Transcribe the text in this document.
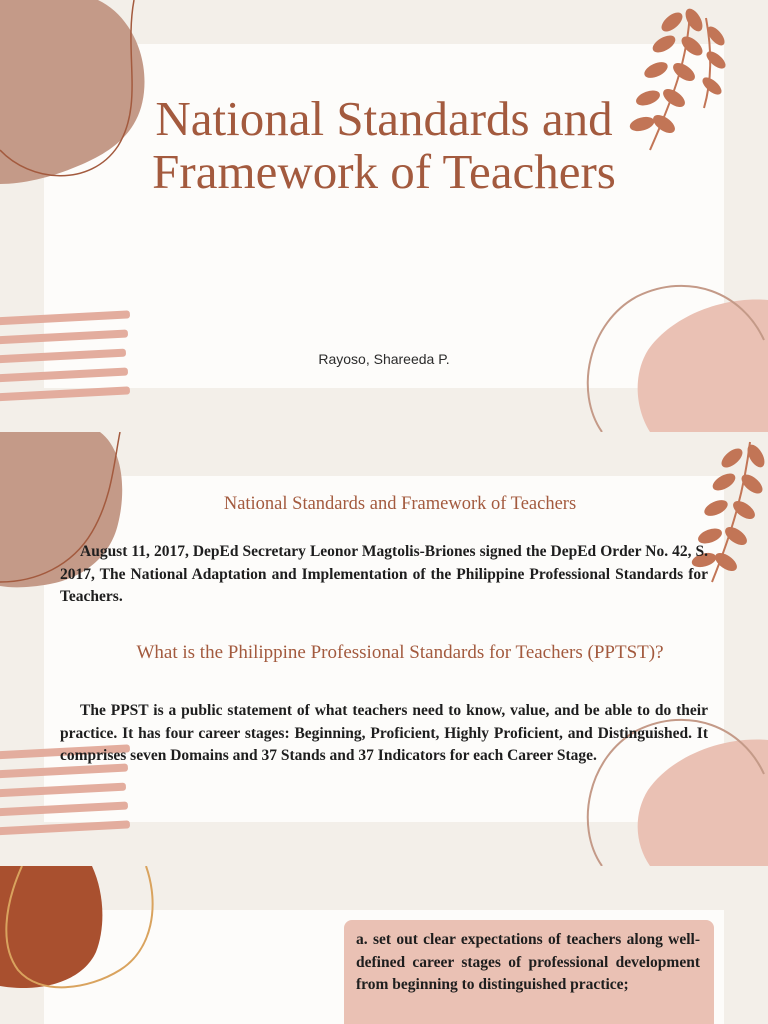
National Standards and Framework of Teachers
Rayoso, Shareeda P.
National Standards and Framework of Teachers

August 11, 2017, DepEd Secretary Leonor Magtolis-Briones signed the DepEd Order No. 42, S. 2017, The National Adaptation and Implementation of the Philippine Professional Standards for Teachers.

What is the Philippine Professional Standards for Teachers (PPTST)?

The PPST is a public statement of what teachers need to know, value, and be able to do their practice. It has four career stages: Beginning, Proficient, Highly Proficient, and Distinguished. It comprises seven Domains and 37 Stands and 37 Indicators for each Career Stage.

a. set out clear expectations of teachers along well-defined career stages of professional development from beginning to distinguished practice;
